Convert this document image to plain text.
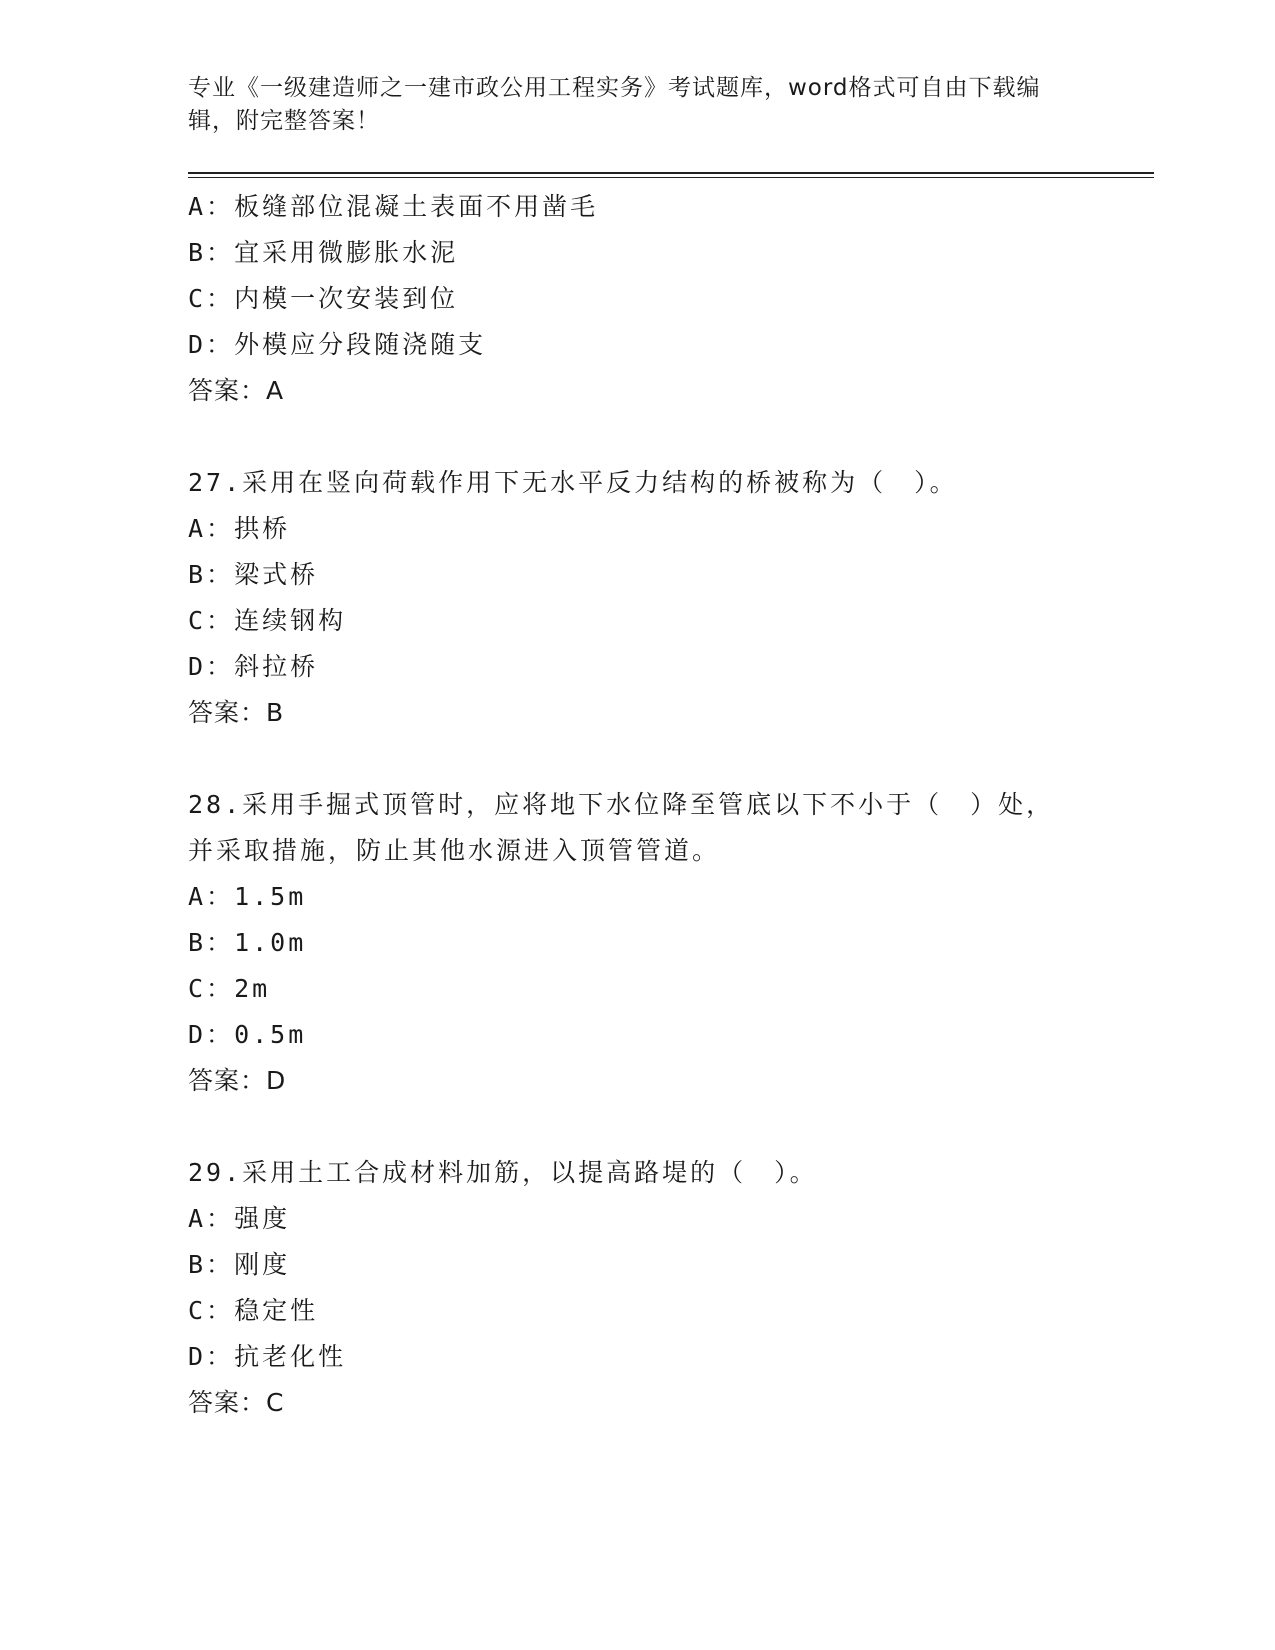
专业《一级建造师之一建市政公用工程实务》考试题库，word格式可自由下载编辑，附完整答案！
A：板缝部位混凝土表面不用凿毛
B：宜采用微膨胀水泥
C：内模一次安装到位
D：外模应分段随浇随支
答案：A
27.采用在竖向荷载作用下无水平反力结构的桥被称为（　）。
A：拱桥
B：梁式桥
C：连续钢构
D：斜拉桥
答案：B
28.采用手掘式顶管时，应将地下水位降至管底以下不小于（　）处，并采取措施，防止其他水源进入顶管管道。
A：1.5m
B：1.0m
C：2m
D：0.5m
答案：D
29.采用土工合成材料加筋，以提高路堤的（　）。
A：强度
B：刚度
C：稳定性
D：抗老化性
答案：C
